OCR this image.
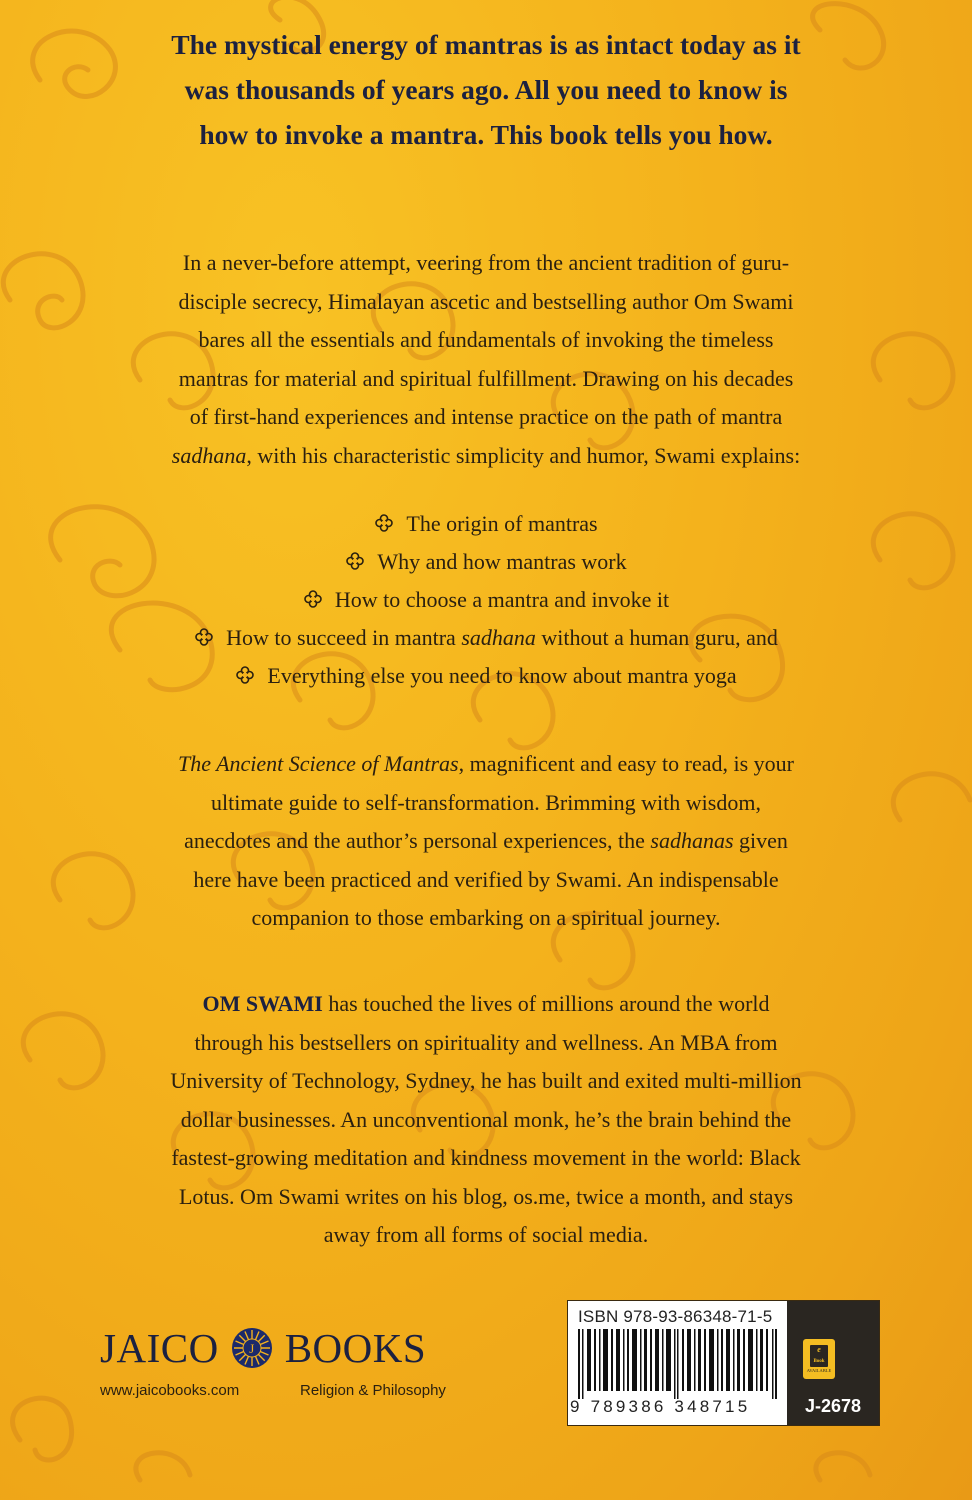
The mystical energy of mantras is as intact today as it
was thousands of years ago. All you need to know is
how to invoke a mantra. This book tells you how.
In a never-before attempt, veering from the ancient tradition of guru-
disciple secrecy, Himalayan ascetic and bestselling author Om Swami
bares all the essentials and fundamentals of invoking the timeless
mantras for material and spiritual fulfillment. Drawing on his decades
of first-hand experiences and intense practice on the path of mantra
sadhana, with his characteristic simplicity and humor, Swami explains:
The origin of mantras
Why and how mantras work
How to choose a mantra and invoke it
How to succeed in mantra sadhana without a human guru, and
Everything else you need to know about mantra yoga
The Ancient Science of Mantras, magnificent and easy to read, is your
ultimate guide to self-transformation. Brimming with wisdom,
anecdotes and the author’s personal experiences, the sadhanas given
here have been practiced and verified by Swami. An indispensable
companion to those embarking on a spiritual journey.
OM SWAMI has touched the lives of millions around the world
through his bestsellers on spirituality and wellness. An MBA from
University of Technology, Sydney, he has built and exited multi-million
dollar businesses. An unconventional monk, he’s the brain behind the
fastest-growing meditation and kindness movement in the world: Black
Lotus. Om Swami writes on his blog, os.me, twice a month, and stays
away from all forms of social media.
JAICO J BOOKS
www.jaicobooks.com	Religion & Philosophy
ISBN 978-93-86348-71-5
9 789386 348715
e
Book
AVAILABLE
J-2678
